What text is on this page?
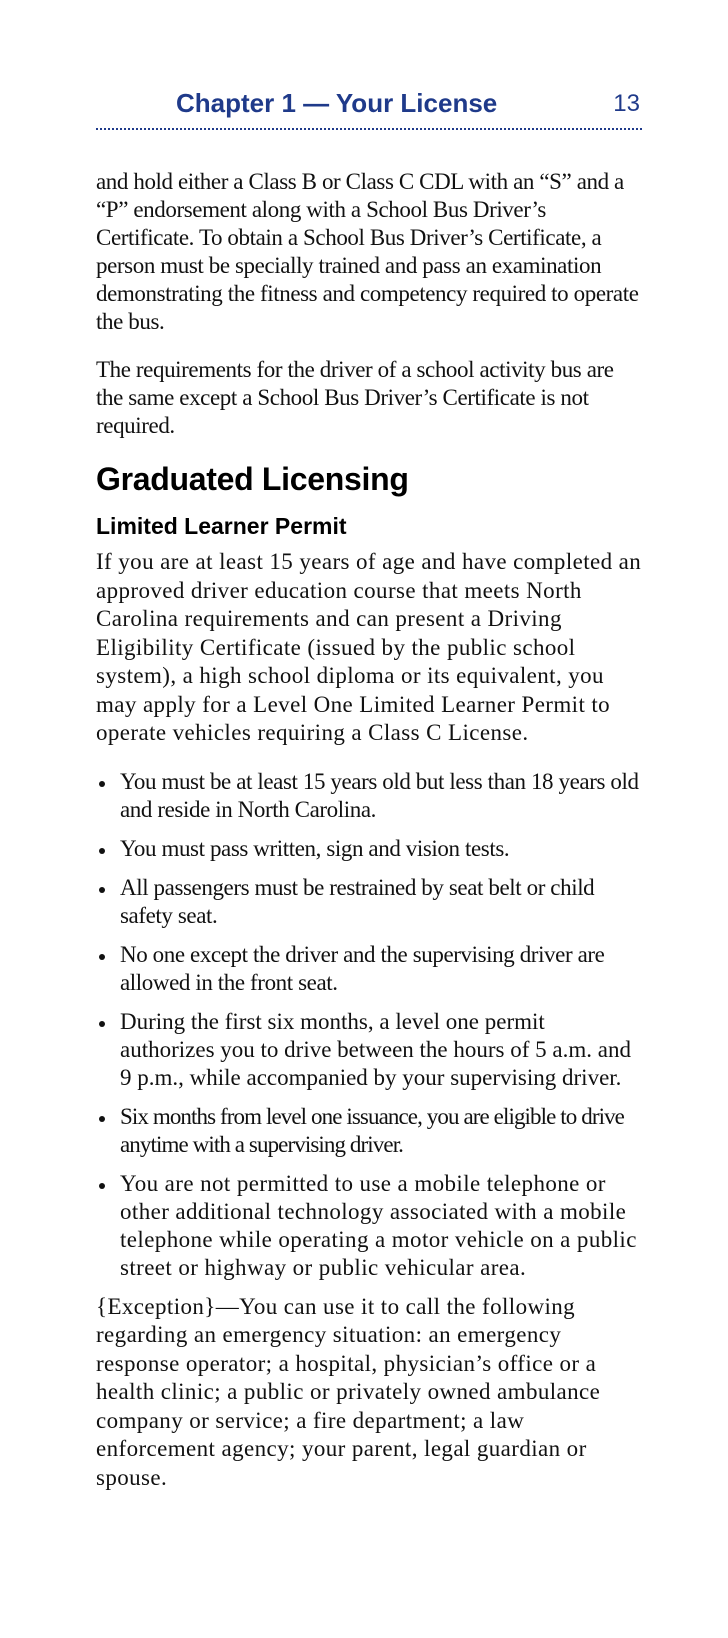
Chapter 1 — Your License	13

and hold either a Class B or Class C CDL with an “S” and a “P” endorsement along with a School Bus Driver’s Certificate. To obtain a School Bus Driver’s Certificate, a person must be specially trained and pass an examination demonstrating the fitness and competency required to operate the bus.

The requirements for the driver of a school activity bus are the same except a School Bus Driver’s Certificate is not required.

Graduated Licensing
Limited Learner Permit

If you are at least 15 years of age and have completed an approved driver education course that meets North Carolina requirements and can present a Driving Eligibility Certificate (issued by the public school system), a high school diploma or its equivalent, you may apply for a Level One Limited Learner Permit to operate vehicles requiring a Class C License.

You must be at least 15 years old but less than 18 years old and reside in North Carolina.
You must pass written, sign and vision tests.
All passengers must be restrained by seat belt or child safety seat.
No one except the driver and the supervising driver are allowed in the front seat.
During the first six months, a level one permit authorizes you to drive between the hours of 5 a.m. and 9 p.m., while accompanied by your supervising driver.
Six months from level one issuance, you are eligible to drive anytime with a supervising driver.
You are not permitted to use a mobile telephone or other additional technology associated with a mobile telephone while operating a motor vehicle on a public street or highway or public vehicular area.

{Exception}—You can use it to call the following regarding an emergency situation: an emergency response operator; a hospital, physician’s office or a health clinic; a public or privately owned ambulance company or service; a fire department; a law enforcement agency; your parent, legal guardian or spouse.
